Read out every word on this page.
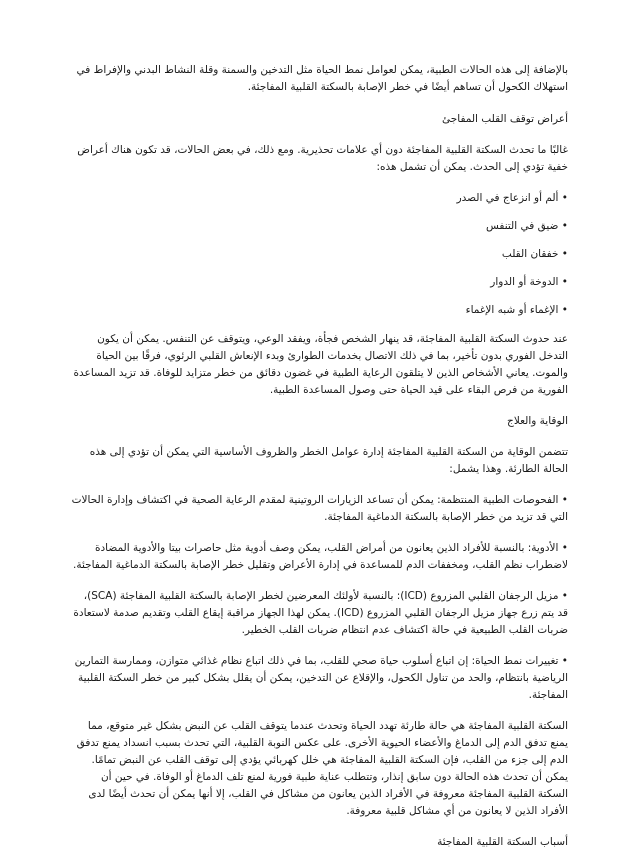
بالإضافة إلى هذه الحالات الطبية، يمكن لعوامل نمط الحياة مثل التدخين والسمنة وقلة النشاط البدني والإفراط في استهلاك الكحول أن تساهم أيضًا في خطر الإصابة بالسكتة القلبية المفاجئة.

أعراض توقف القلب المفاجئ

غالبًا ما تحدث السكتة القلبية المفاجئة دون أي علامات تحذيرية. ومع ذلك، في بعض الحالات، قد تكون هناك أعراض خفية تؤدي إلى الحدث. يمكن أن تشمل هذه:

• ألم أو انزعاج في الصدر
• ضيق في التنفس
• خفقان القلب
• الدوخة أو الدوار
• الإغماء أو شبه الإغماء

عند حدوث السكتة القلبية المفاجئة، قد ينهار الشخص فجأة، ويفقد الوعي، ويتوقف عن التنفس. يمكن أن يكون التدخل الفوري بدون تأخير، بما في ذلك الاتصال بخدمات الطوارئ وبدء الإنعاش القلبي الرئوي، فرقًا بين الحياة والموت. يعاني الأشخاص الذين لا يتلقون الرعاية الطبية في غضون دقائق من خطر متزايد للوفاة. قد تزيد المساعدة الفورية من فرص البقاء على قيد الحياة حتى وصول المساعدة الطبية.

الوقاية والعلاج

تتضمن الوقاية من السكتة القلبية المفاجئة إدارة عوامل الخطر والظروف الأساسية التي يمكن أن تؤدي إلى هذه الحالة الطارئة. وهذا يشمل:

• الفحوصات الطبية المنتظمة: يمكن أن تساعد الزيارات الروتينية لمقدم الرعاية الصحية في اكتشاف وإدارة الحالات التي قد تزيد من خطر الإصابة بالسكتة الدماغية المفاجئة.
• الأدوية: بالنسبة للأفراد الذين يعانون من أمراض القلب، يمكن وصف أدوية مثل حاصرات بيتا والأدوية المضادة لاضطراب نظم القلب، ومخففات الدم للمساعدة في إدارة الأعراض وتقليل خطر الإصابة بالسكتة الدماغية المفاجئة.
• مزيل الرجفان القلبي المزروع (ICD): بالنسبة لأولئك المعرضين لخطر الإصابة بالسكتة القلبية المفاجئة (SCA)، قد يتم زرع جهاز مزيل الرجفان القلبي المزروع (ICD). يمكن لهذا الجهاز مراقبة إيقاع القلب وتقديم صدمة لاستعادة ضربات القلب الطبيعية في حالة اكتشاف عدم انتظام ضربات القلب الخطير.
• تغييرات نمط الحياة: إن اتباع أسلوب حياة صحي للقلب، بما في ذلك اتباع نظام غذائي متوازن، وممارسة التمارين الرياضية بانتظام، والحد من تناول الكحول، والإقلاع عن التدخين، يمكن أن يقلل بشكل كبير من خطر السكتة القلبية المفاجئة.

السكتة القلبية المفاجئة هي حالة طارئة تهدد الحياة وتحدث عندما يتوقف القلب عن النبض بشكل غير متوقع، مما يمنع تدفق الدم إلى الدماغ والأعضاء الحيوية الأخرى. على عكس النوبة القلبية، التي تحدث بسبب انسداد يمنع تدفق الدم إلى جزء من القلب، فإن السكتة القلبية المفاجئة هي خلل كهربائي يؤدي إلى توقف القلب عن النبض تمامًا. يمكن أن تحدث هذه الحالة دون سابق إنذار، وتتطلب عناية طبية فورية لمنع تلف الدماغ أو الوفاة. في حين أن السكتة القلبية المفاجئة معروفة في الأفراد الذين يعانون من مشاكل في القلب، إلا أنها يمكن أن تحدث أيضًا لدى الأفراد الذين لا يعانون من أي مشاكل قلبية معروفة.

أسباب السكتة القلبية المفاجئة
